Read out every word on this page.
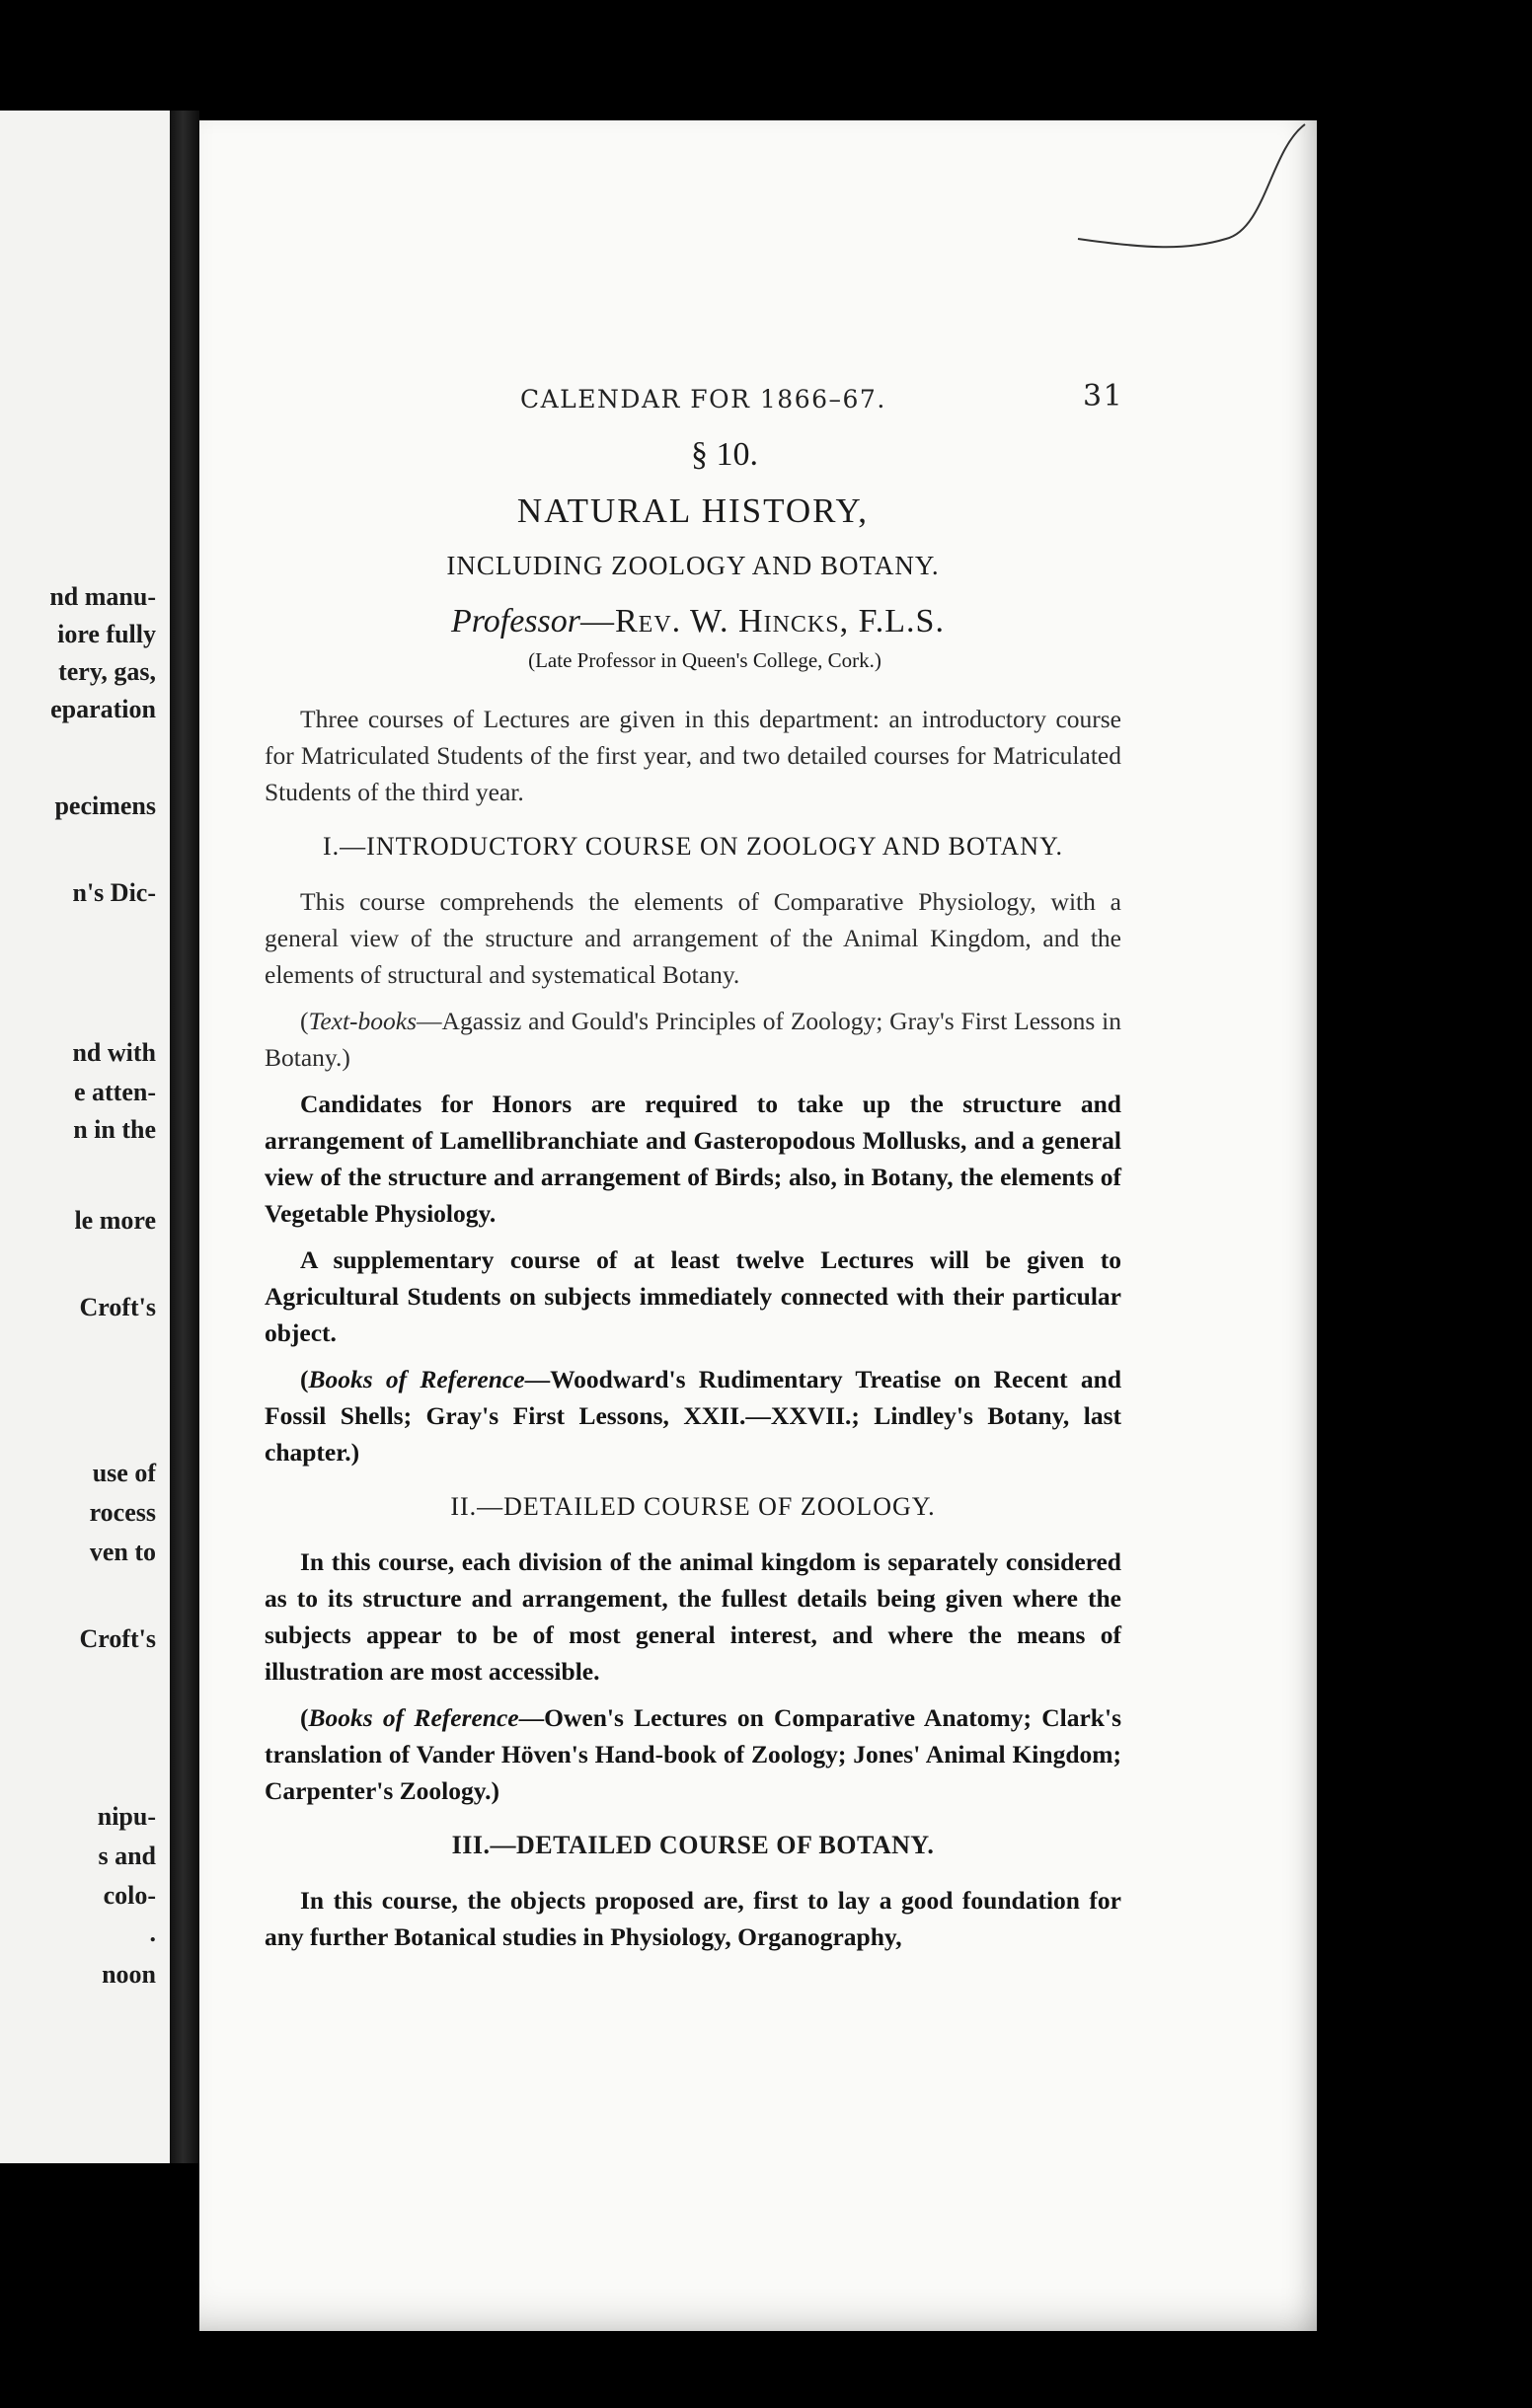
nd manu-
iore fully
tery, gas,
eparation
pecimens
n's Dic-
nd with
e atten-
n in the
le more
Croft's
use of
rocess
ven to
Croft's
nipu-
s and
colo-
.
noon
CALENDAR FOR 1866–67.	31
§ 10.
NATURAL HISTORY,
INCLUDING ZOOLOGY AND BOTANY.
Professor—Rev. W. Hincks, F.L.S.
(Late Professor in Queen's College, Cork.)

Three courses of Lectures are given in this department: an introductory course for Matriculated Students of the first year, and two detailed courses for Matriculated Students of the third year.

I.—INTRODUCTORY COURSE ON ZOOLOGY AND BOTANY.

This course comprehends the elements of Comparative Physiology, with a general view of the structure and arrangement of the Animal Kingdom, and the elements of structural and systematical Botany.

(Text-books—Agassiz and Gould's Principles of Zoology; Gray's First Lessons in Botany.)

Candidates for Honors are required to take up the structure and arrangement of Lamellibranchiate and Gasteropodous Mollusks, and a general view of the structure and arrangement of Birds; also, in Botany, the elements of Vegetable Physiology.

A supplementary course of at least twelve Lectures will be given to Agricultural Students on subjects immediately connected with their particular object.

(Books of Reference—Woodward's Rudimentary Treatise on Recent and Fossil Shells; Gray's First Lessons, XXII.—XXVII.; Lindley's Botany, last chapter.)

II.—DETAILED COURSE OF ZOOLOGY.

In this course, each division of the animal kingdom is separately considered as to its structure and arrangement, the fullest details being given where the subjects appear to be of most general interest, and where the means of illustration are most accessible.

(Books of Reference—Owen's Lectures on Comparative Anatomy; Clark's translation of Vander Höven's Hand-book of Zoology; Jones' Animal Kingdom; Carpenter's Zoology.)

III.—DETAILED COURSE OF BOTANY.

In this course, the objects proposed are, first to lay a good foundation for any further Botanical studies in Physiology, Organography,
